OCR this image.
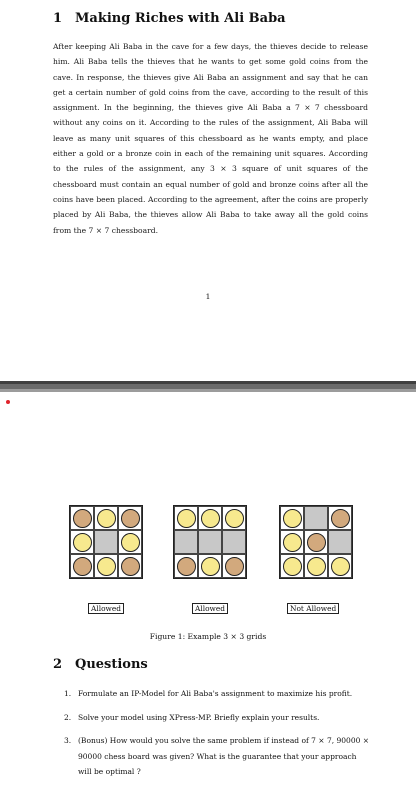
1 Making Riches with Ali Baba

After keeping Ali Baba in the cave for a few days, the thieves decide to release him. Ali Baba tells the thieves that he wants to get some gold coins from the cave. In response, the thieves give Ali Baba an assignment and say that he can get a certain number of gold coins from the cave, according to the result of this assignment. In the beginning, the thieves give Ali Baba a 7 × 7 chessboard without any coins on it. According to the rules of the assignment, Ali Baba will leave as many unit squares of this chessboard as he wants empty, and place either a gold or a bronze coin in each of the remaining unit squares. According to the rules of the assignment, any 3 × 3 square of unit squares of the chessboard must contain an equal number of gold and bronze coins after all the coins have been placed. According to the agreement, after the coins are properly placed by Ali Baba, the thieves allow Ali Baba to take away all the gold coins from the 7 × 7 chessboard.

1
Allowed	Allowed	Not Allowed
Figure 1: Example 3 × 3 grids
2 Questions
1. Formulate an IP-Model for Ali Baba's assignment to maximize his profit.
2. Solve your model using XPress-MP. Briefly explain your results.
3. (Bonus) How would you solve the same problem if instead of 7 × 7, 90000 × 90000 chess board was given? What is the guarantee that your approach will be optimal ?
